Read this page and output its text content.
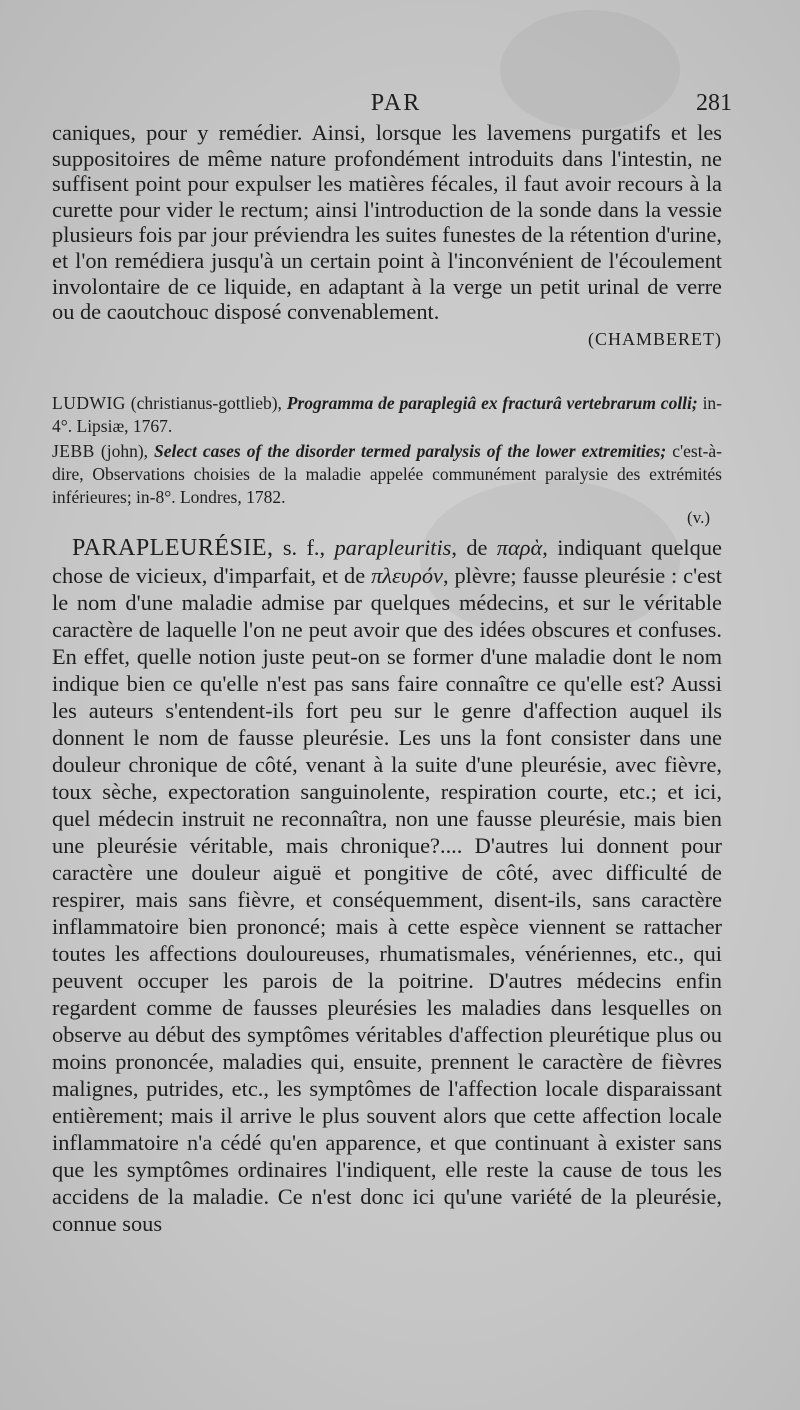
PAR	281
caniques, pour y remédier. Ainsi, lorsque les lavemens purgatifs et les suppositoires de même nature profondément introduits dans l'intestin, ne suffisent point pour expulser les matières fécales, il faut avoir recours à la curette pour vider le rectum; ainsi l'introduction de la sonde dans la vessie plusieurs fois par jour préviendra les suites funestes de la rétention d'urine, et l'on remédiera jusqu'à un certain point à l'inconvénient de l'écoulement involontaire de ce liquide, en adaptant à la verge un petit urinal de verre ou de caoutchouc disposé convenablement.
(CHAMBERET)

LUDWIG (christianus-gottlieb), Programma de paraplegiâ ex fracturâ vertebrarum colli; in-4°. Lipsiæ, 1767.

JEBB (john), Select cases of the disorder termed paralysis of the lower extremities; c'est-à-dire, Observations choisies de la maladie appelée communément paralysie des extrémités inférieures; in-8°. Londres, 1782.

(v.)
PARAPLEURÉSIE, s. f., parapleuritis, de παρὰ, indiquant quelque chose de vicieux, d'imparfait, et de πλευρόν, plèvre; fausse pleurésie : c'est le nom d'une maladie admise par quelques médecins, et sur le véritable caractère de laquelle l'on ne peut avoir que des idées obscures et confuses. En effet, quelle notion juste peut-on se former d'une maladie dont le nom indique bien ce qu'elle n'est pas sans faire connaître ce qu'elle est? Aussi les auteurs s'entendent-ils fort peu sur le genre d'affection auquel ils donnent le nom de fausse pleurésie. Les uns la font consister dans une douleur chronique de côté, venant à la suite d'une pleurésie, avec fièvre, toux sèche, expectoration sanguinolente, respiration courte, etc.; et ici, quel médecin instruit ne reconnaîtra, non une fausse pleurésie, mais bien une pleurésie véritable, mais chronique?.... D'autres lui donnent pour caractère une douleur aiguë et pongitive de côté, avec difficulté de respirer, mais sans fièvre, et conséquemment, disent-ils, sans caractère inflammatoire bien prononcé; mais à cette espèce viennent se rattacher toutes les affections douloureuses, rhumatismales, vénériennes, etc., qui peuvent occuper les parois de la poitrine. D'autres médecins enfin regardent comme de fausses pleurésies les maladies dans lesquelles on observe au début des symptômes véritables d'affection pleurétique plus ou moins prononcée, maladies qui, ensuite, prennent le caractère de fièvres malignes, putrides, etc., les symptômes de l'affection locale disparaissant entièrement; mais il arrive le plus souvent alors que cette affection locale inflammatoire n'a cédé qu'en apparence, et que continuant à exister sans que les symptômes ordinaires l'indiquent, elle reste la cause de tous les accidens de la maladie. Ce n'est donc ici qu'une variété de la pleurésie, connue sous
